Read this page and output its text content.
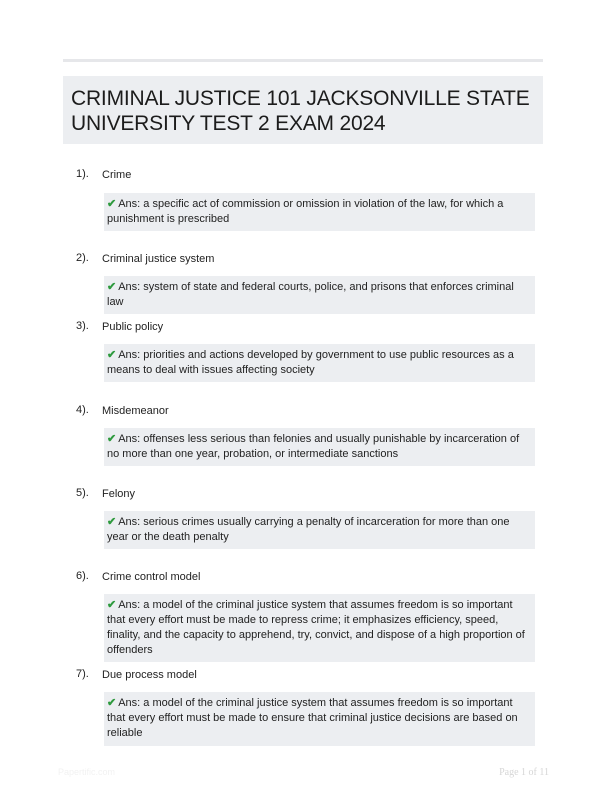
CRIMINAL JUSTICE 101 JACKSONVILLE STATE UNIVERSITY TEST 2 EXAM 2024
1). Crime
✔ Ans: a specific act of commission or omission in violation of the law, for which a punishment is prescribed
2). Criminal justice system
✔ Ans: system of state and federal courts, police, and prisons that enforces criminal law
3). Public policy
✔ Ans: priorities and actions developed by government to use public resources as a means to deal with issues affecting society
4). Misdemeanor
✔ Ans: offenses less serious than felonies and usually punishable by incarceration of no more than one year, probation, or intermediate sanctions
5). Felony
✔ Ans: serious crimes usually carrying a penalty of incarceration for more than one year or the death penalty
6). Crime control model
✔ Ans: a model of the criminal justice system that assumes freedom is so important that every effort must be made to repress crime; it emphasizes efficiency, speed, finality, and the capacity to apprehend, try, convict, and dispose of a high proportion of offenders
7). Due process model
✔ Ans: a model of the criminal justice system that assumes freedom is so important that every effort must be made to ensure that criminal justice decisions are based on reliable
Papertific.com	Page 1 of 11
